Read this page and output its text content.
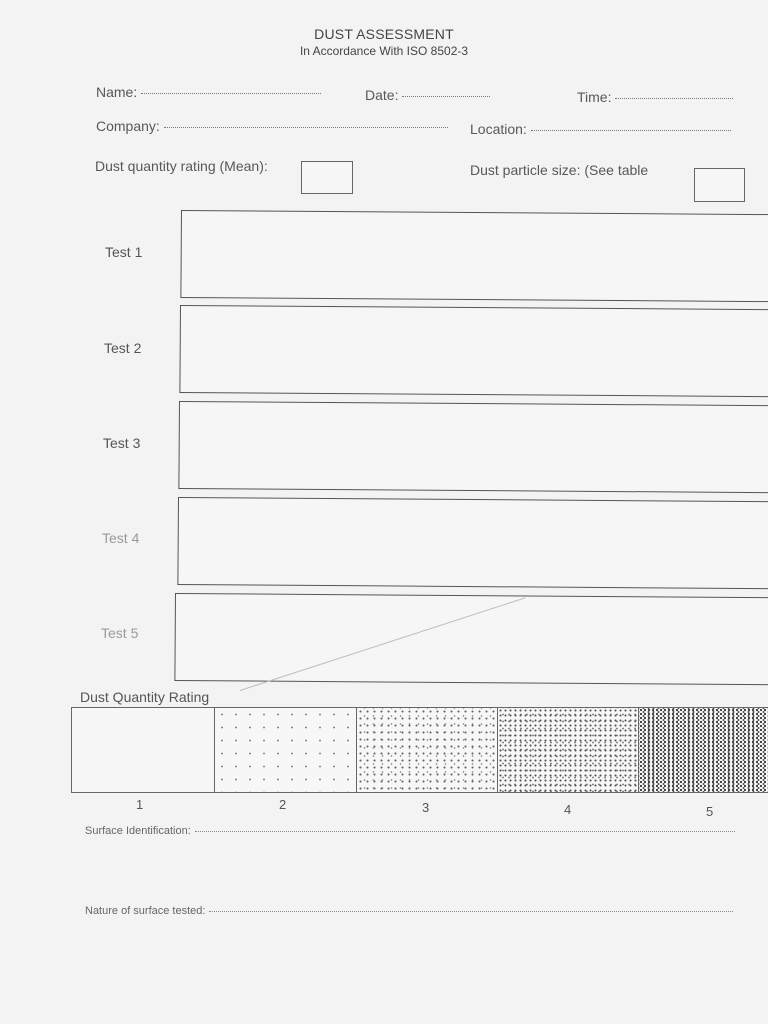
DUST ASSESSMENT
In Accordance With ISO 8502-3
Name:	Date:	Time:
Company:	Location:
Dust quantity rating (Mean):	Dust particle size: (See table
Test 1
Test 2
Test 3
Test 4
Test 5
Dust Quantity Rating
1	2	3	4	5
Surface Identification:
Nature of surface tested:
